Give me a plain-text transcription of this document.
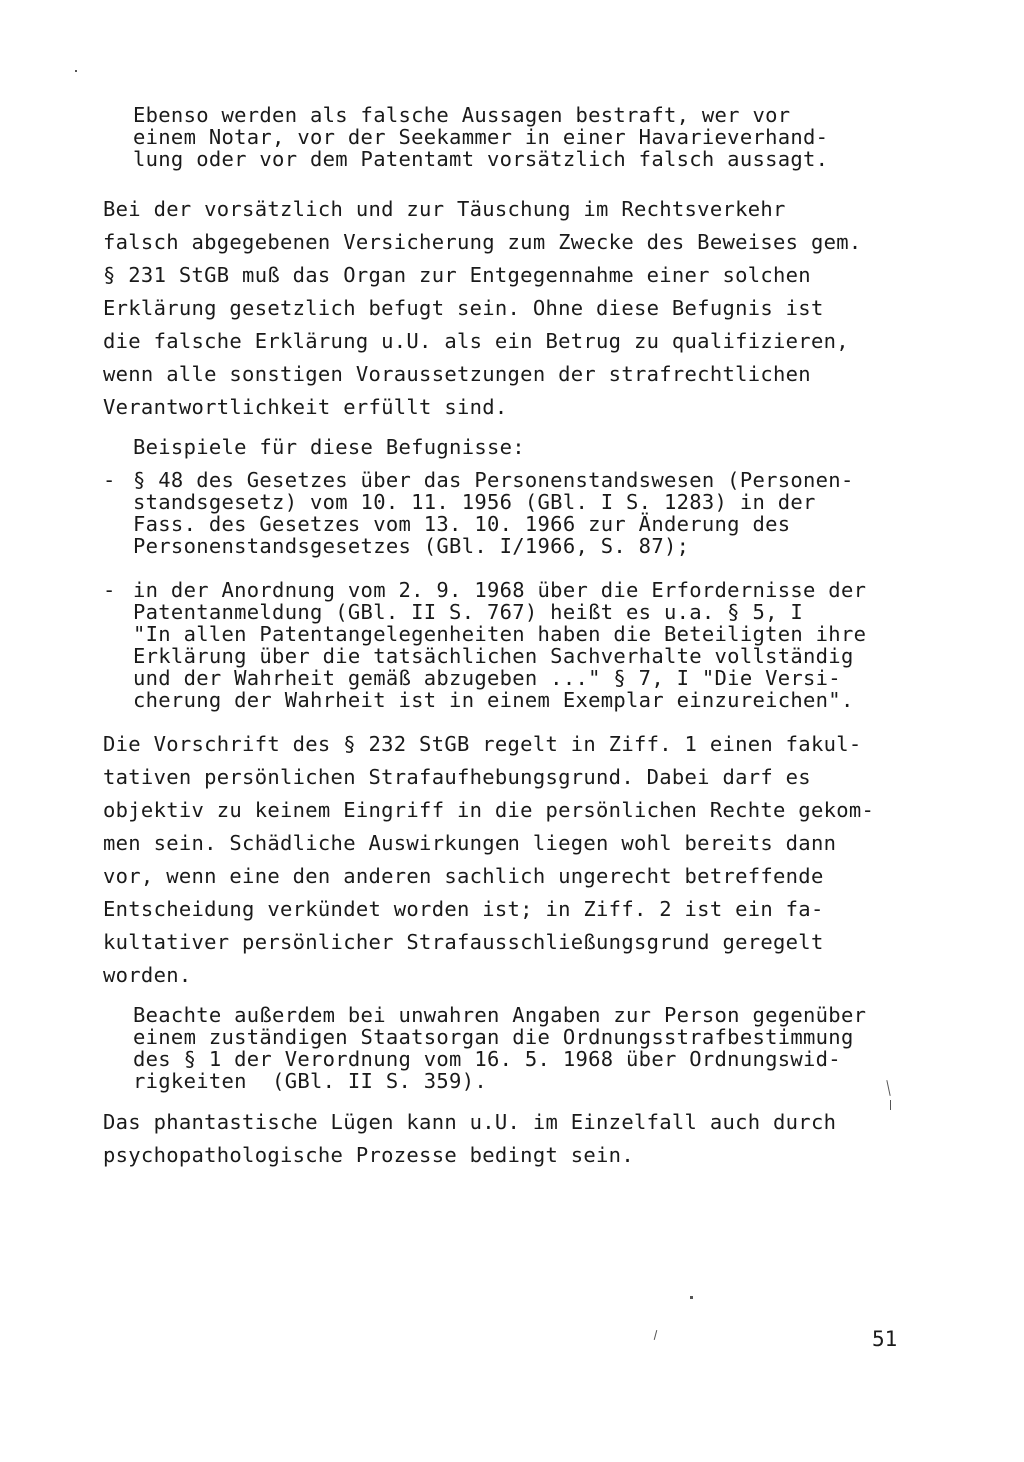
Ebenso werden als falsche Aussagen bestraft, wer vor
einem Notar, vor der Seekammer in einer Havarieverhand-
lung oder vor dem Patentamt vorsätzlich falsch aussagt.
Bei der vorsätzlich und zur Täuschung im Rechtsverkehr
falsch abgegebenen Versicherung zum Zwecke des Beweises gem.
§ 231 StGB muß das Organ zur Entgegennahme einer solchen
Erklärung gesetzlich befugt sein. Ohne diese Befugnis ist
die falsche Erklärung u.U. als ein Betrug zu qualifizieren,
wenn alle sonstigen Voraussetzungen der strafrechtlichen
Verantwortlichkeit erfüllt sind.
Beispiele für diese Befugnisse:
- § 48 des Gesetzes über das Personenstandswesen (Personen-
standsgesetz) vom 10. 11. 1956 (GBl. I S. 1283) in der
Fass. des Gesetzes vom 13. 10. 1966 zur Änderung des
Personenstandsgesetzes (GBl. I/1966, S. 87);
- in der Anordnung vom 2. 9. 1968 über die Erfordernisse der
Patentanmeldung (GBl. II S. 767) heißt es u.a. § 5, I
"In allen Patentangelegenheiten haben die Beteiligten ihre
Erklärung über die tatsächlichen Sachverhalte vollständig
und der Wahrheit gemäß abzugeben ..." § 7, I "Die Versi-
cherung der Wahrheit ist in einem Exemplar einzureichen".
Die Vorschrift des § 232 StGB regelt in Ziff. 1 einen fakul-
tativen persönlichen Strafaufhebungsgrund. Dabei darf es
objektiv zu keinem Eingriff in die persönlichen Rechte gekom-
men sein. Schädliche Auswirkungen liegen wohl bereits dann
vor, wenn eine den anderen sachlich ungerecht betreffende
Entscheidung verkündet worden ist; in Ziff. 2 ist ein fa-
kultativer persönlicher Strafausschließungsgrund geregelt
worden.
Beachte außerdem bei unwahren Angaben zur Person gegenüber
einem zuständigen Staatsorgan die Ordnungsstrafbestimmung
des § 1 der Verordnung vom 16. 5. 1968 über Ordnungswid-
rigkeiten  (GBl. II S. 359).
Das phantastische Lügen kann u.U. im Einzelfall auch durch
psychopathologische Prozesse bedingt sein.
51
